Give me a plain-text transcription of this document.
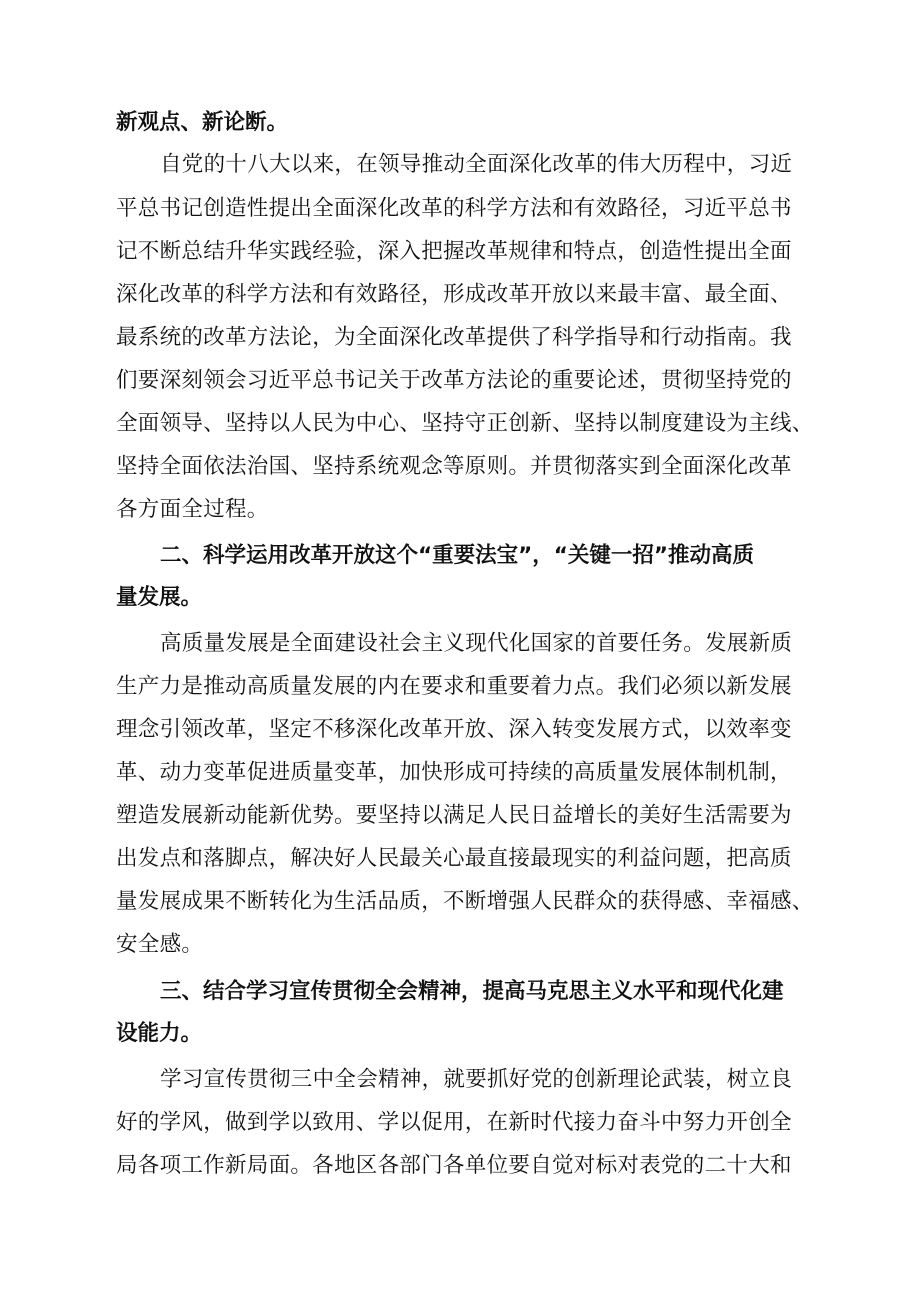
新观点、新论断。
自党的十八大以来，在领导推动全面深化改革的伟大历程中，习近
平总书记创造性提出全面深化改革的科学方法和有效路径，习近平总书
记不断总结升华实践经验，深入把握改革规律和特点，创造性提出全面
深化改革的科学方法和有效路径，形成改革开放以来最丰富、最全面、
最系统的改革方法论，为全面深化改革提供了科学指导和行动指南。我
们要深刻领会习近平总书记关于改革方法论的重要论述，贯彻坚持党的
全面领导、坚持以人民为中心、坚持守正创新、坚持以制度建设为主线、
坚持全面依法治国、坚持系统观念等原则。并贯彻落实到全面深化改革
各方面全过程。
二、科学运用改革开放这个“重要法宝”，“关键一招”推动高质
量发展。
高质量发展是全面建设社会主义现代化国家的首要任务。发展新质
生产力是推动高质量发展的内在要求和重要着力点。我们必须以新发展
理念引领改革，坚定不移深化改革开放、深入转变发展方式，以效率变
革、动力变革促进质量变革，加快形成可持续的高质量发展体制机制，
塑造发展新动能新优势。要坚持以满足人民日益增长的美好生活需要为
出发点和落脚点，解决好人民最关心最直接最现实的利益问题，把高质
量发展成果不断转化为生活品质，不断增强人民群众的获得感、幸福感、
安全感。
三、结合学习宣传贯彻全会精神，提高马克思主义水平和现代化建
设能力。
学习宣传贯彻三中全会精神，就要抓好党的创新理论武装，树立良
好的学风，做到学以致用、学以促用，在新时代接力奋斗中努力开创全
局各项工作新局面。各地区各部门各单位要自觉对标对表党的二十大和
